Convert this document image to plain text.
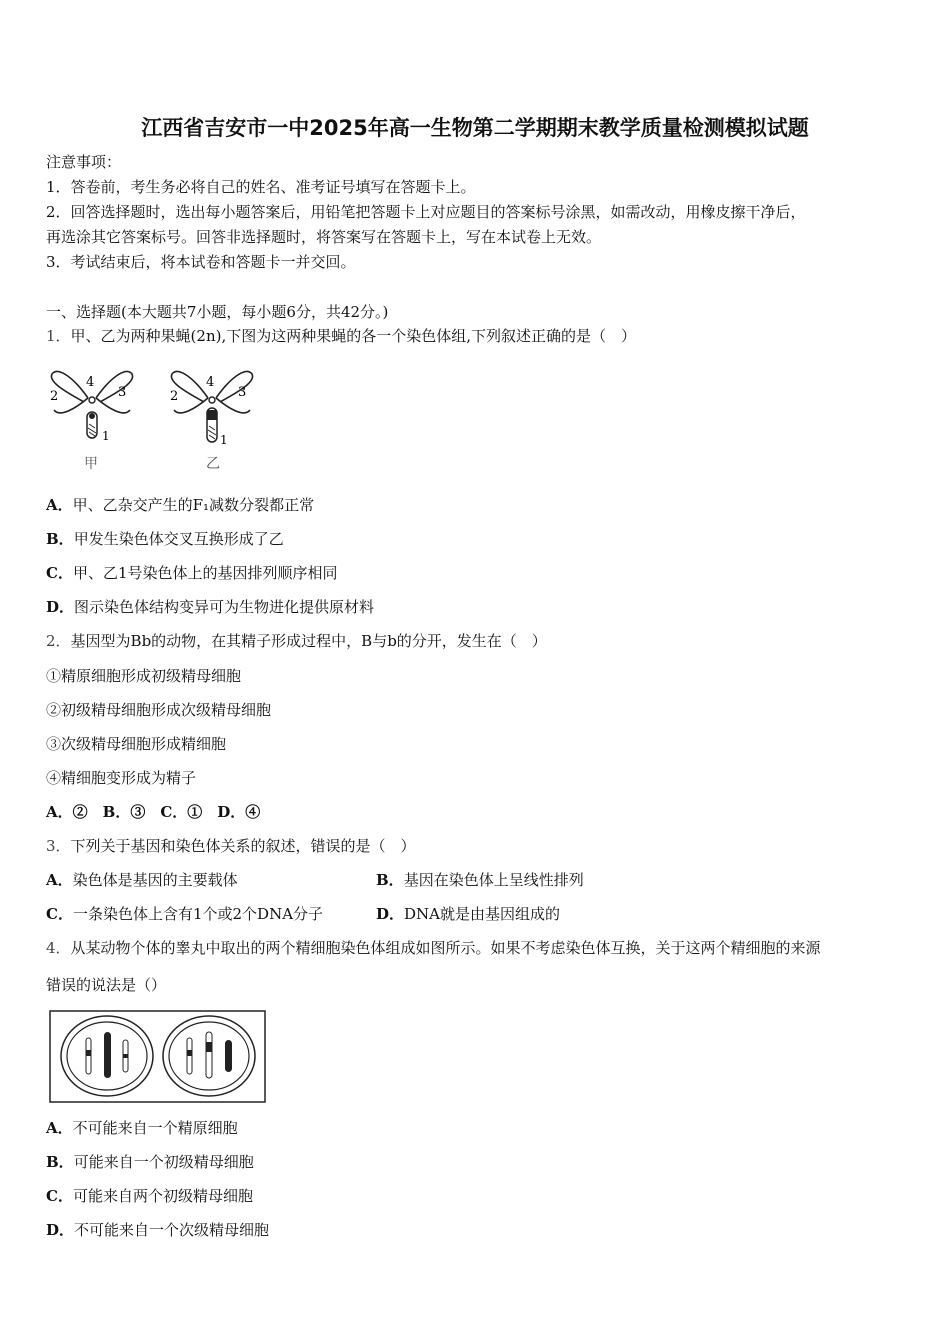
江西省吉安市一中2025年高一生物第二学期期末教学质量检测模拟试题
注意事项：
1．答卷前，考生务必将自己的姓名、准考证号填写在答题卡上。
2．回答选择题时，选出每小题答案后，用铅笔把答题卡上对应题目的答案标号涂黑，如需改动，用橡皮擦干净后，
再选涂其它答案标号。回答非选择题时，将答案写在答题卡上，写在本试卷上无效。
3．考试结束后，将本试卷和答题卡一并交回。
一、选择题(本大题共7小题，每小题6分，共42分。)
1．甲、乙为两种果蝇(2n),下图为这两种果蝇的各一个染色体组,下列叙述正确的是（　）
2
4
3
1
甲
2
4
3
1
乙
A．甲、乙杂交产生的F₁减数分裂都正常
B．甲发生染色体交叉互换形成了乙
C．甲、乙1号染色体上的基因排列顺序相同
D．图示染色体结构变异可为生物进化提供原材料
2．基因型为Bb的动物，在其精子形成过程中，B与b的分开，发生在（　）
①精原细胞形成初级精母细胞
②初级精母细胞形成次级精母细胞
③次级精母细胞形成精细胞
④精细胞变形成为精子
A．②　B．③　C．①　D．④
3．下列关于基因和染色体关系的叙述，错误的是（　）
A．染色体是基因的主要载体	B．基因在染色体上呈线性排列
C．一条染色体上含有1个或2个DNA分子	D．DNA就是由基因组成的
4．从某动物个体的睾丸中取出的两个精细胞染色体组成如图所示。如果不考虑染色体互换，关于这两个精细胞的来源
错误的说法是（）
A．不可能来自一个精原细胞
B．可能来自一个初级精母细胞
C．可能来自两个初级精母细胞
D．不可能来自一个次级精母细胞
